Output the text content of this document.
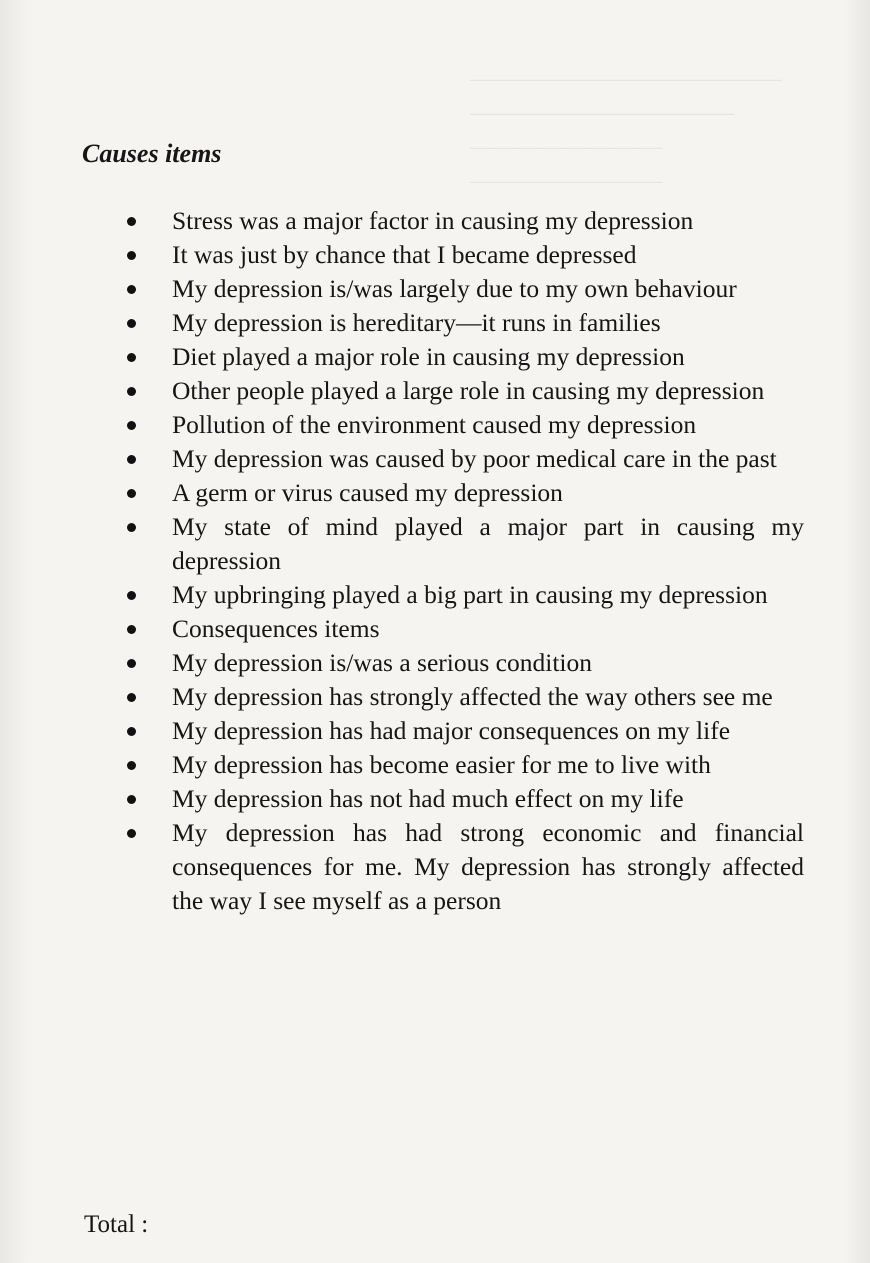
―――――――――――――
―――――――――――
――――――――
――――――――
Causes items
Stress was a major factor in causing my depression
It was just by chance that I became depressed
My depression is/was largely due to my own behaviour
My depression is hereditary—it runs in families
Diet played a major role in causing my depression
Other people played a large role in causing my depression
Pollution of the environment caused my depression
My depression was caused by poor medical care in the past
A germ or virus caused my depression
My state of mind played a major part in causing my depression
My upbringing played a big part in causing my depression
Consequences items
My depression is/was a serious condition
My depression has strongly affected the way others see me
My depression has had major consequences on my life
My depression has become easier for me to live with
My depression has not had much effect on my life
My depression has had strong economic and financial consequences for me. My depression has strongly affected the way I see myself as a person
Total :
